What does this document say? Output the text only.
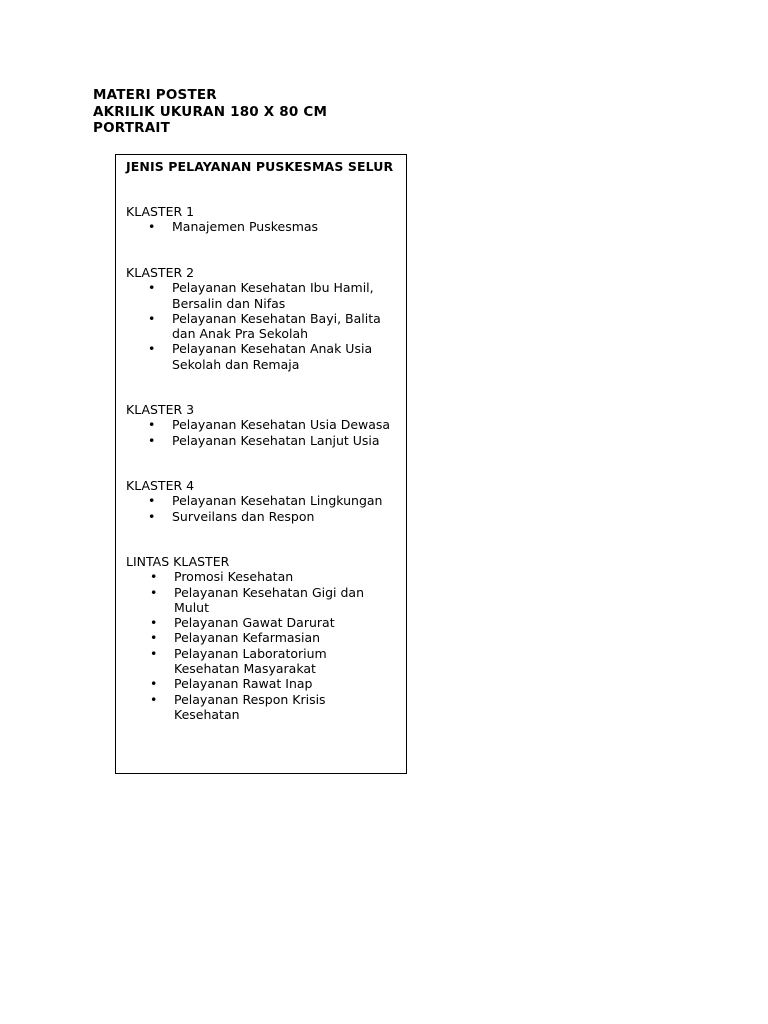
MATERI POSTER
AKRILIK UKURAN 180 X 80 CM
PORTRAIT
JENIS PELAYANAN PUSKESMAS SELUR
KLASTER 1
• Manajemen Puskesmas
KLASTER 2
• Pelayanan Kesehatan Ibu Hamil, Bersalin dan Nifas
• Pelayanan Kesehatan Bayi, Balita dan Anak Pra Sekolah
• Pelayanan Kesehatan Anak Usia Sekolah dan Remaja
KLASTER 3
• Pelayanan Kesehatan Usia Dewasa
• Pelayanan Kesehatan Lanjut Usia
KLASTER 4
• Pelayanan Kesehatan Lingkungan
• Surveilans dan Respon
LINTAS KLASTER
• Promosi Kesehatan
• Pelayanan Kesehatan Gigi dan Mulut
• Pelayanan Gawat Darurat
• Pelayanan Kefarmasian
• Pelayanan Laboratorium Kesehatan Masyarakat
• Pelayanan Rawat Inap
• Pelayanan Respon Krisis Kesehatan
